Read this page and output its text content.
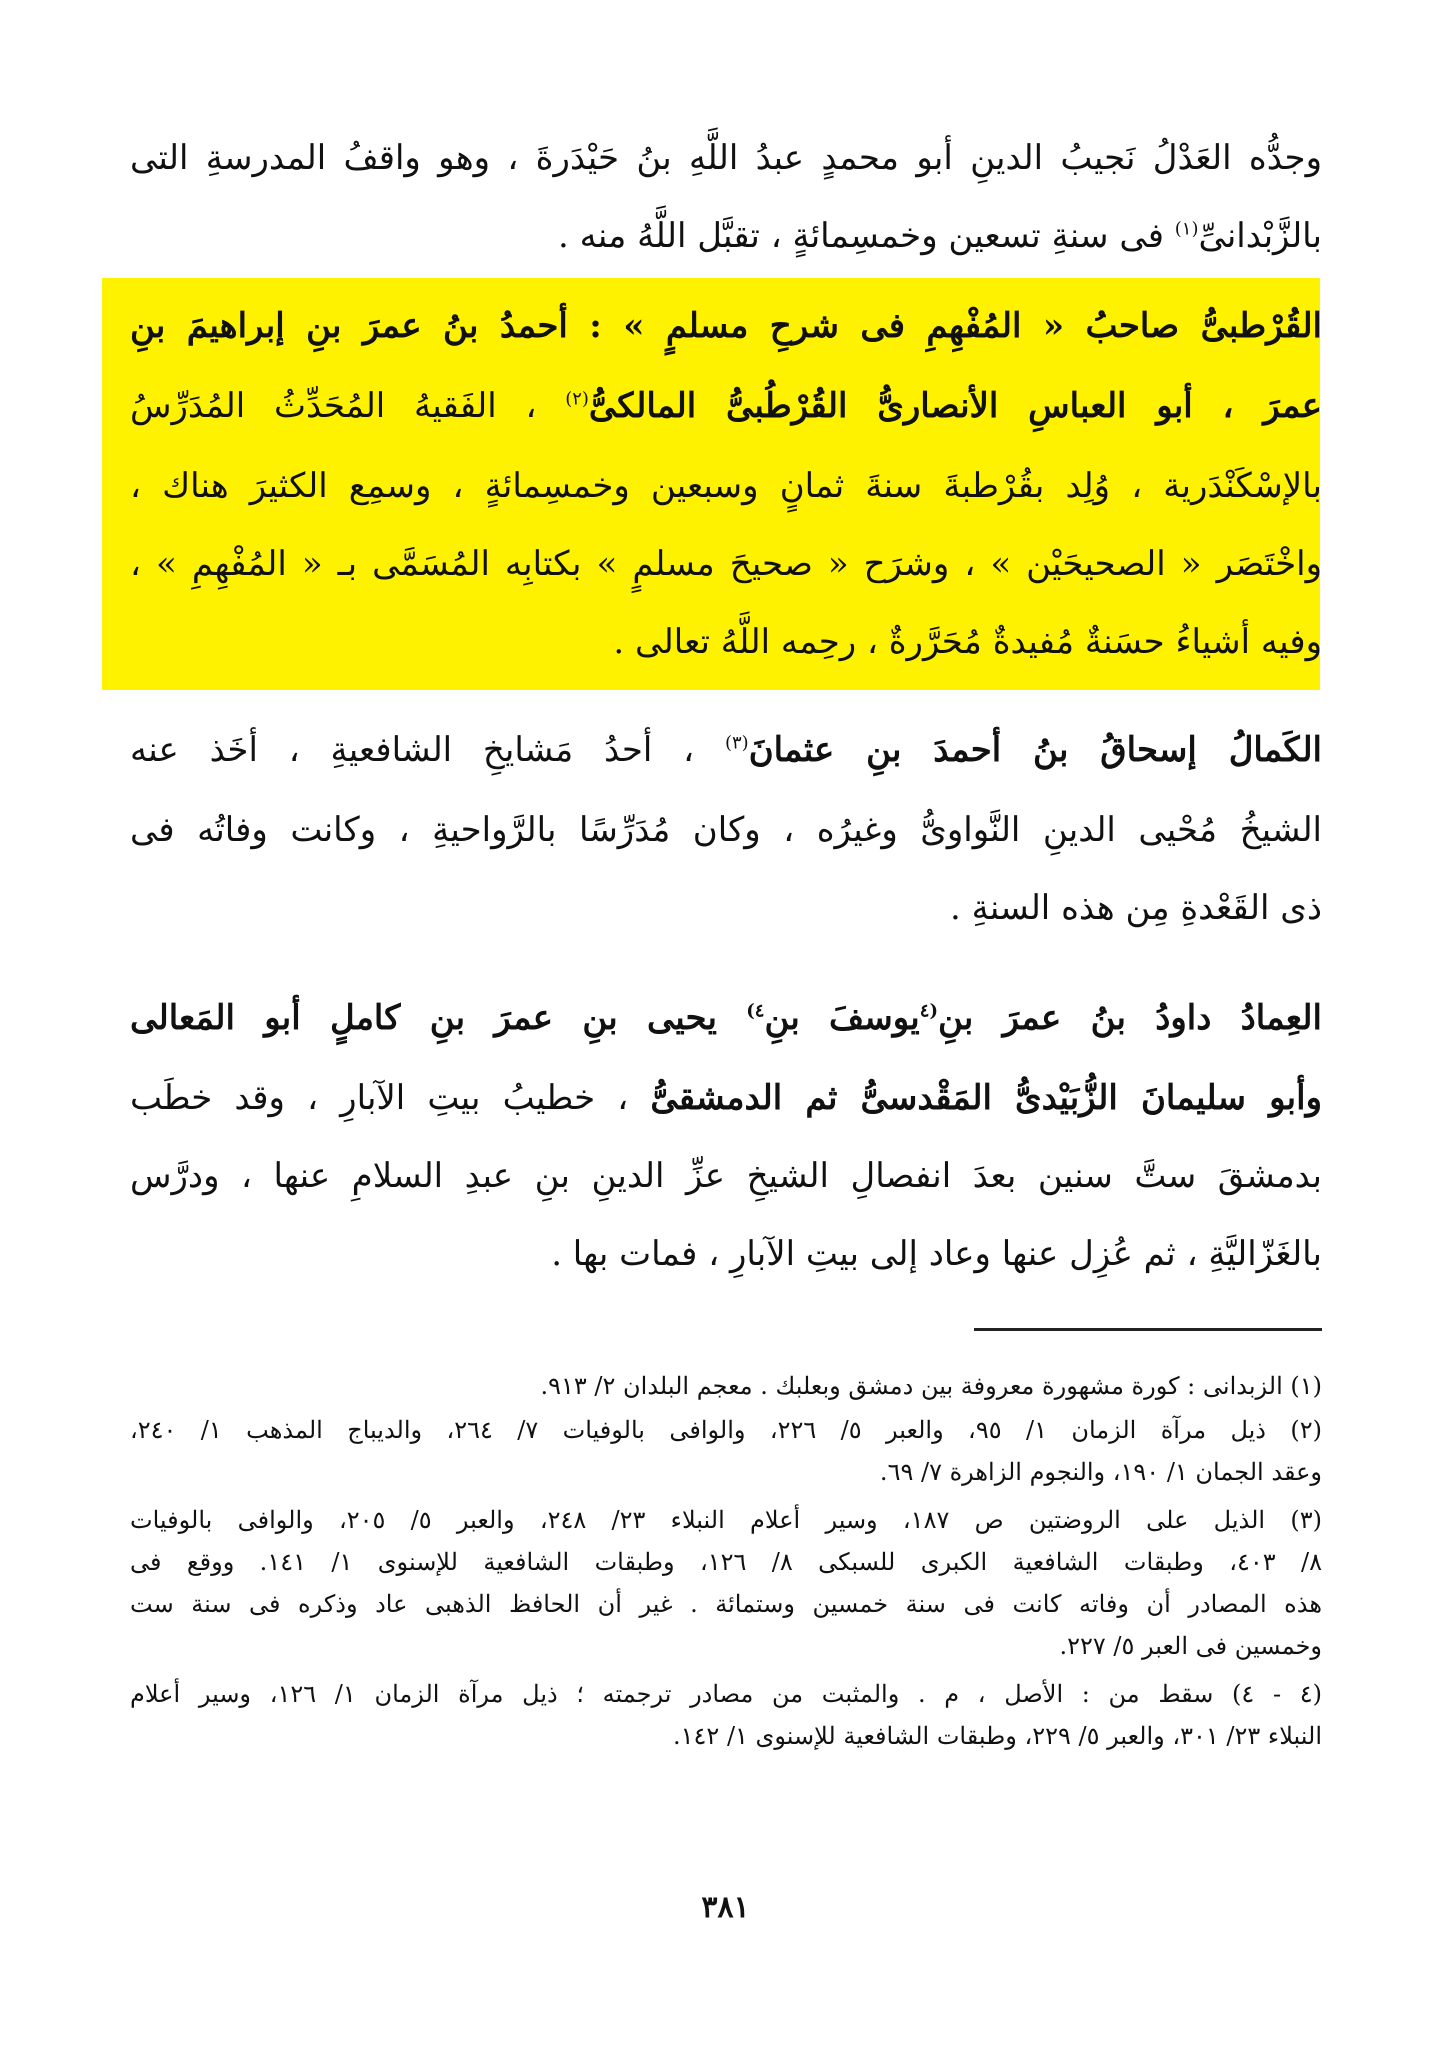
وجدُّه العَدْلُ نَجيبُ الدينِ أبو محمدٍ عبدُ اللَّهِ بنُ حَيْدَرةَ ، وهو واقفُ المدرسةِ التى
بالزَّبْدانىِّ$^{(١)}$ فى سنةِ تسعين وخمسِمائةٍ ، تقبَّل اللَّهُ منه .
القُرْطبىُّ صاحبُ « المُفْهِمِ فى شرحِ مسلمٍ » : أحمدُ بنُ عمرَ بنِ إبراهيمَ بنِ
عمرَ ، أبو العباسِ الأنصارىُّ القُرْطُبىُّ المالكىُّ$^{(٢)}$ ، الفَقيهُ المُحَدِّثُ المُدَرِّسُ
بالإسْكَنْدَرية ، وُلِد بقُرْطبةَ سنةَ ثمانٍ وسبعين وخمسِمائةٍ ، وسمِع الكثيرَ هناك ،
واخْتَصَر « الصحيحَيْن » ، وشرَح « صحيحَ مسلمٍ » بكتابِه المُسَمَّى بـ « المُفْهِمِ » ،
وفيه أشياءُ حسَنةٌ مُفيدةٌ مُحَرَّرةٌ ، رحِمه اللَّهُ تعالى .
الكَمالُ إسحاقُ بنُ أحمدَ بنِ عثمانَ$^{(٣)}$ ، أحدُ مَشايخِ الشافعيةِ ، أخَذ عنه
الشيخُ مُحْيى الدينِ النَّواوىُّ وغيرُه ، وكان مُدَرِّسًا بالرَّواحيةِ ، وكانت وفاتُه فى
ذى القَعْدةِ مِن هذه السنةِ .
العِمادُ داودُ بنُ عمرَ بنِ$^{(٤}$يوسفَ بنِ$^{٤)}$ يحيى بنِ عمرَ بنِ كاملٍ أبو المَعالى
وأبو سليمانَ الزُّبَيْدىُّ المَقْدسىُّ ثم الدمشقىُّ ، خطيبُ بيتِ الآبارِ ، وقد خطَب
بدمشقَ ستَّ سنين بعدَ انفصالِ الشيخِ عزِّ الدينِ بنِ عبدِ السلامِ عنها ، ودرَّس
بالغَزّاليَّةِ ، ثم عُزِل عنها وعاد إلى بيتِ الآبارِ ، فمات بها .
(١) الزبدانى : كورة مشهورة معروفة بين دمشق وبعلبك . معجم البلدان ٢/ ٩١٣.
(٢) ذيل مرآة الزمان ١/ ٩٥، والعبر ٥/ ٢٢٦، والوافى بالوفيات ٧/ ٢٦٤، والديباج المذهب ١/ ٢٤٠،
وعقد الجمان ١/ ١٩٠، والنجوم الزاهرة ٧/ ٦٩.
(٣) الذيل على الروضتين ص ١٨٧، وسير أعلام النبلاء ٢٣/ ٢٤٨، والعبر ٥/ ٢٠٥، والوافى بالوفيات
٨/ ٤٠٣، وطبقات الشافعية الكبرى للسبكى ٨/ ١٢٦، وطبقات الشافعية للإسنوى ١/ ١٤١. ووقع فى
هذه المصادر أن وفاته كانت فى سنة خمسين وستمائة . غير أن الحافظ الذهبى عاد وذكره فى سنة ست
وخمسين فى العبر ٥/ ٢٢٧.
(٤ - ٤) سقط من : الأصل ، م . والمثبت من مصادر ترجمته ؛ ذيل مرآة الزمان ١/ ١٢٦، وسير أعلام
النبلاء ٢٣/ ٣٠١، والعبر ٥/ ٢٢٩، وطبقات الشافعية للإسنوى ١/ ١٤٢.
٣٨١
